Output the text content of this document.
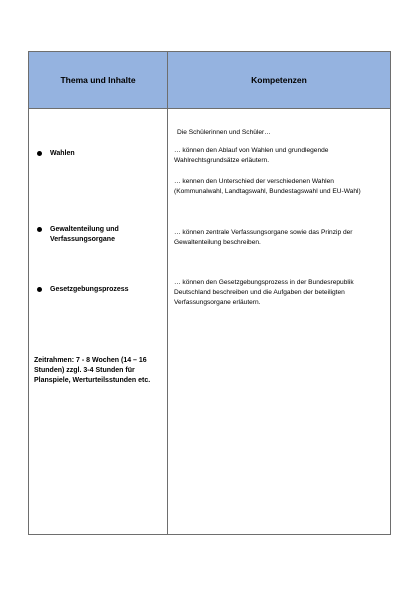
Thema und Inhalte	Kompetenzen
Wahlen
Gewaltenteilung und Verfassungsorgane
Gesetzgebungsprozess
Zeitrahmen: 7 - 8 Wochen (14 – 16 Stunden) zzgl. 3-4 Stunden für Planspiele, Werturteilsstunden etc.
Die Schülerinnen und Schüler…
… können den Ablauf von Wahlen und grundlegende Wahlrechtsgrundsätze erläutern.
… kennen den Unterschied der verschiedenen Wahlen (Kommunalwahl, Landtagswahl, Bundestagswahl und EU-Wahl)
… können zentrale Verfassungsorgane sowie das Prinzip der Gewaltenteilung beschreiben.
… können den Gesetzgebungsprozess in der Bundesrepublik Deutschland beschreiben und die Aufgaben der beteiligten Verfassungsorgane erläutern.
